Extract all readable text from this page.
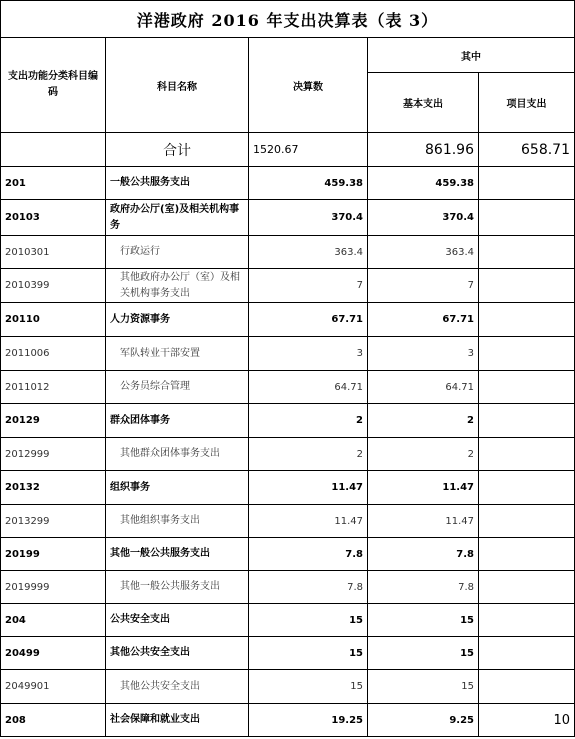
洋港政府 2016 年支出决算表（表 3）				
支出功能分类科目编码	科目名称	决算数	其中	
			基本支出	项目支出
	合计	1520.67	861.96	658.71
201	一般公共服务支出	459.38	459.38	
20103	政府办公厅(室)及相关机构事务	370.4	370.4	
2010301	行政运行	363.4	363.4	
2010399	其他政府办公厅（室）及相关机构事务支出	7	7	
20110	人力资源事务	67.71	67.71	
2011006	军队转业干部安置	3	3	
2011012	公务员综合管理	64.71	64.71	
20129	群众团体事务	2	2	
2012999	其他群众团体事务支出	2	2	
20132	组织事务	11.47	11.47	
2013299	其他组织事务支出	11.47	11.47	
20199	其他一般公共服务支出	7.8	7.8	
2019999	其他一般公共服务支出	7.8	7.8	
204	公共安全支出	15	15	
20499	其他公共安全支出	15	15	
2049901	其他公共安全支出	15	15	
208	社会保障和就业支出	19.25	9.25	10
